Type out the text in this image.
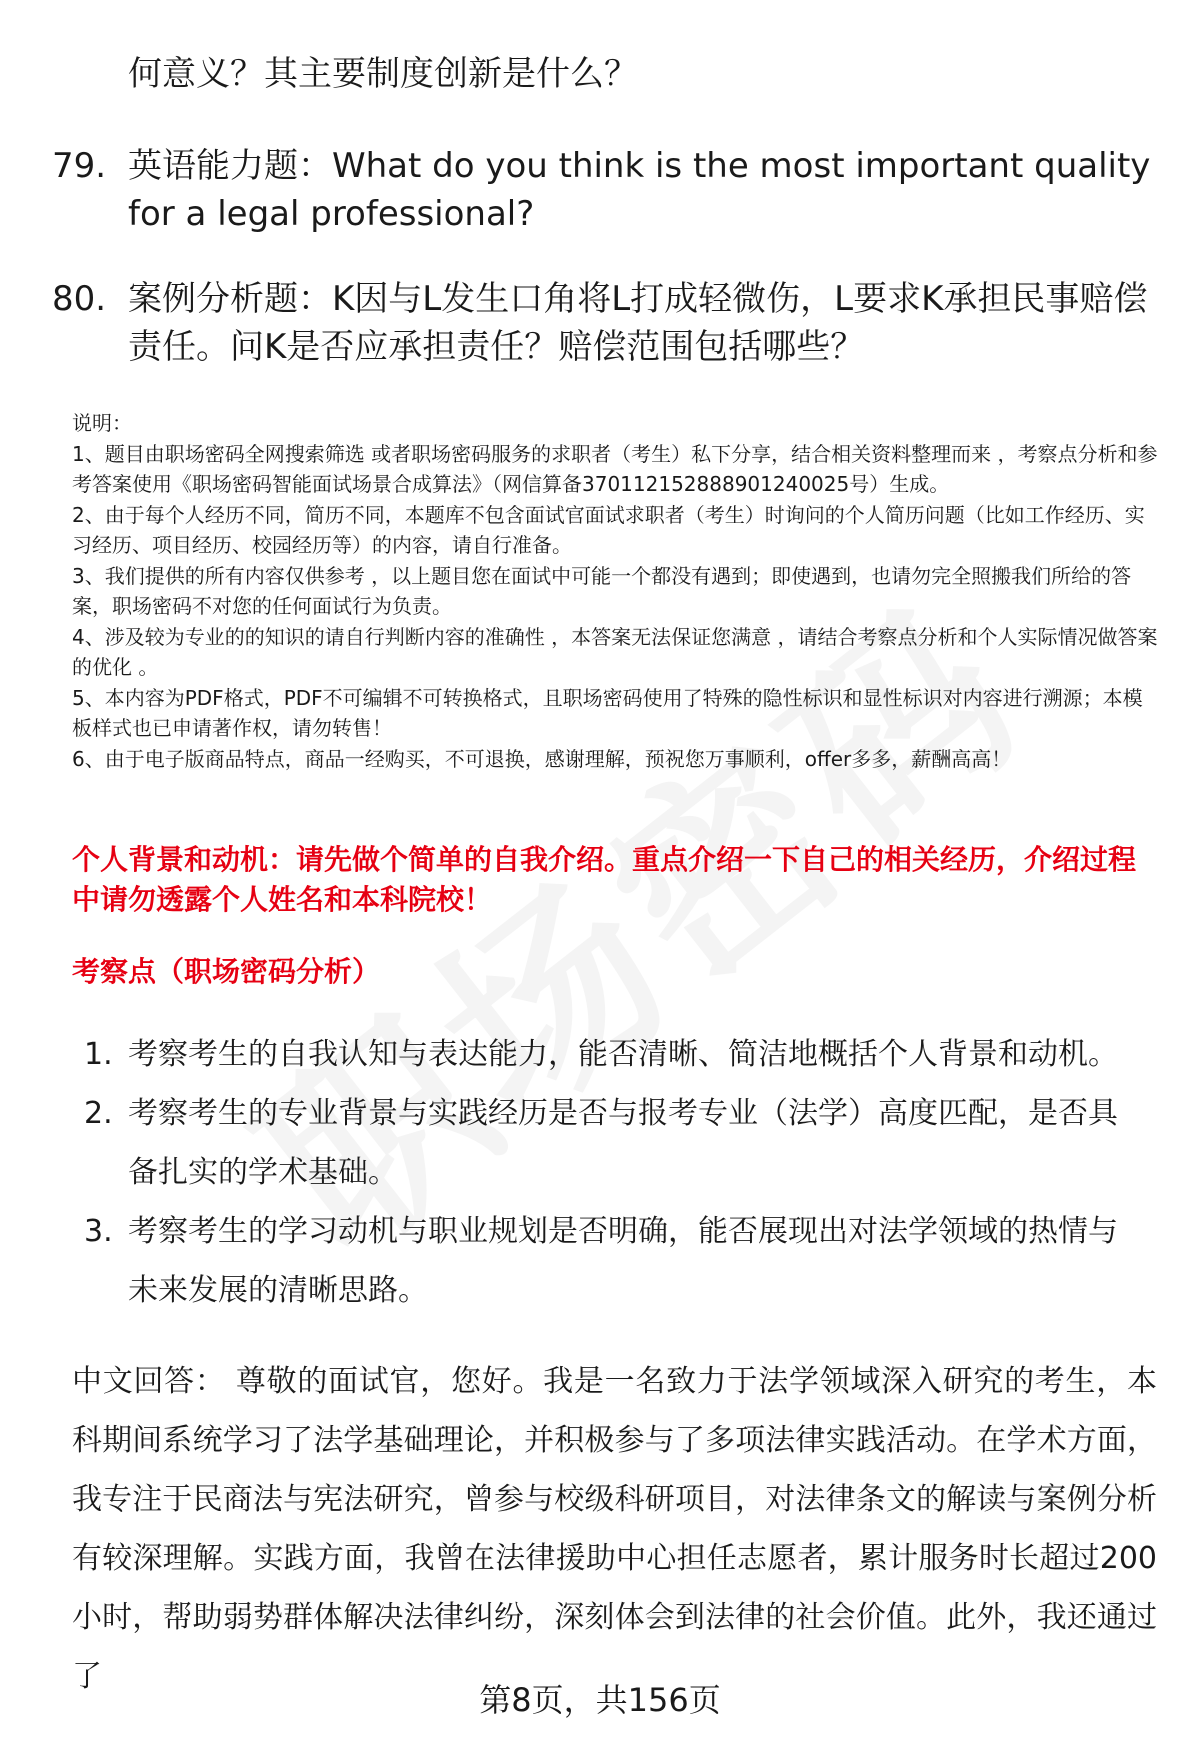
何意义？其主要制度创新是什么？
79. 英语能力题：What do you think is the most important quality for a legal professional?
80. 案例分析题：K因与L发生口角将L打成轻微伤，L要求K承担民事赔偿责任。问K是否应承担责任？赔偿范围包括哪些？
说明：
1、题目由职场密码全网搜索筛选 或者职场密码服务的求职者（考生）私下分享，结合相关资料整理而来 ，考察点分析和参考答案使用《职场密码智能面试场景合成算法》（网信算备370112152888901240025号）生成。
2、由于每个人经历不同，简历不同，本题库不包含面试官面试求职者（考生）时询问的个人简历问题（比如工作经历、实习经历、项目经历、校园经历等）的内容，请自行准备。
3、我们提供的所有内容仅供参考 ，以上题目您在面试中可能一个都没有遇到；即使遇到，也请勿完全照搬我们所给的答案，职场密码不对您的任何面试行为负责。
4、涉及较为专业的的知识的请自行判断内容的准确性 ，本答案无法保证您满意 ，请结合考察点分析和个人实际情况做答案的优化 。
5、本内容为PDF格式，PDF不可编辑不可转换格式，且职场密码使用了特殊的隐性标识和显性标识对内容进行溯源；本模板样式也已申请著作权，请勿转售！
6、由于电子版商品特点，商品一经购买，不可退换，感谢理解，预祝您万事顺利，offer多多，薪酬高高！
个人背景和动机：请先做个简单的自我介绍。重点介绍一下自己的相关经历，介绍过程中请勿透露个人姓名和本科院校！
考察点（职场密码分析）
1. 考察考生的自我认知与表达能力，能否清晰、简洁地概括个人背景和动机。
2. 考察考生的专业背景与实践经历是否与报考专业（法学）高度匹配，是否具备扎实的学术基础。
3. 考察考生的学习动机与职业规划是否明确，能否展现出对法学领域的热情与未来发展的清晰思路。
中文回答： 尊敬的面试官，您好。我是一名致力于法学领域深入研究的考生，本科期间系统学习了法学基础理论，并积极参与了多项法律实践活动。在学术方面，我专注于民商法与宪法研究，曾参与校级科研项目，对法律条文的解读与案例分析有较深理解。实践方面，我曾在法律援助中心担任志愿者，累计服务时长超过200小时，帮助弱势群体解决法律纠纷，深刻体会到法律的社会价值。此外，我还通过了
第8页，共156页
